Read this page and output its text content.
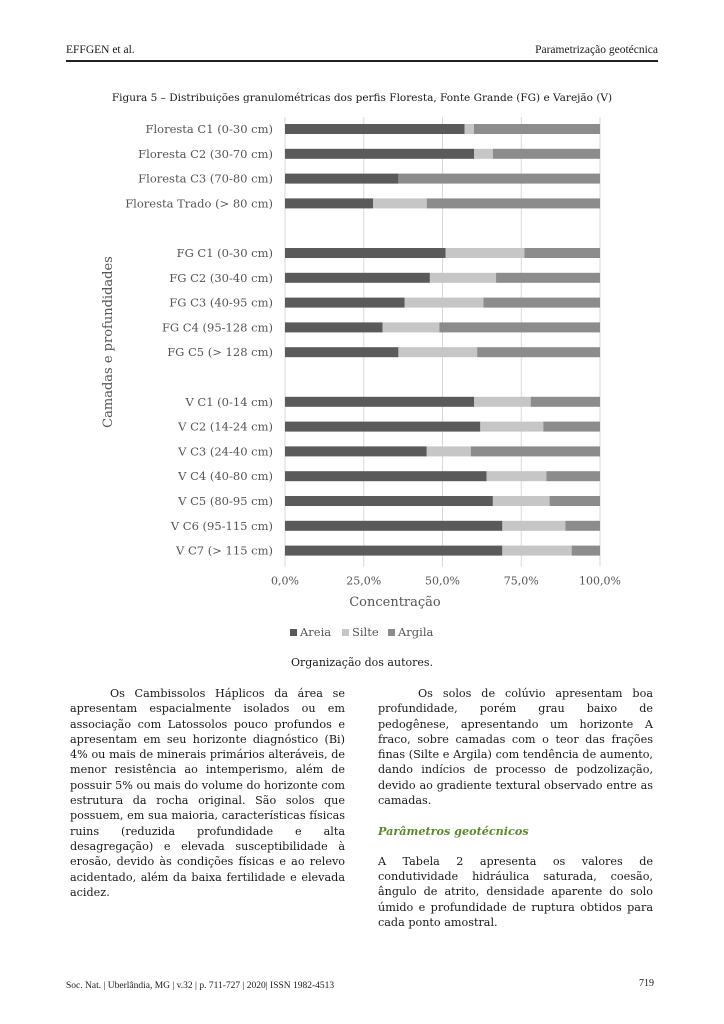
EFFGEN et al.	Parametrização geotécnica
Figura 5 – Distribuições granulométricas dos perfis Floresta, Fonte Grande (FG) e Varejão (V)
Floresta C1 (0-30 cm)
Floresta C2 (30-70 cm)
Floresta C3 (70-80 cm)
Floresta Trado (> 80 cm)
FG C1 (0-30 cm)
FG C2 (30-40 cm)
FG C3 (40-95 cm)
FG C4 (95-128 cm)
FG C5 (> 128 cm)
V C1 (0-14 cm)
V C2 (14-24 cm)
V C3 (24-40 cm)
V C4 (40-80 cm)
V C5 (80-95 cm)
V C6 (95-115 cm)
V C7 (> 115 cm)
0,0%	25,0%	50,0%	75,0%	100,0%
Concentração
Camadas e profundidades
Areia Silte Argila
Organização dos autores.

Os Cambissolos Háplicos da área se apresentam espacialmente isolados ou em associação com Latossolos pouco profundos e apresentam em seu horizonte diagnóstico (Bi) 4% ou mais de minerais primários alteráveis, de menor resistência ao intemperismo, além de possuir 5% ou mais do volume do horizonte com estrutura da rocha original. São solos que possuem, em sua maioria, características físicas ruins (reduzida profundidade e alta desagregação) e elevada susceptibilidade à erosão, devido às condições físicas e ao relevo acidentado, além da baixa fertilidade e elevada acidez.

Os solos de colúvio apresentam boa profundidade, porém grau baixo de pedogênese, apresentando um horizonte A fraco, sobre camadas com o teor das frações finas (Silte e Argila) com tendência de aumento, dando indícios de processo de podzolização, devido ao gradiente textural observado entre as camadas.

Parâmetros geotécnicos

A Tabela 2 apresenta os valores de condutividade hidráulica saturada, coesão, ângulo de atrito, densidade aparente do solo úmido e profundidade de ruptura obtidos para cada ponto amostral.

Soc. Nat. | Uberlândia, MG | v.32 | p. 711-727 | 2020| ISSN 1982-4513	719
